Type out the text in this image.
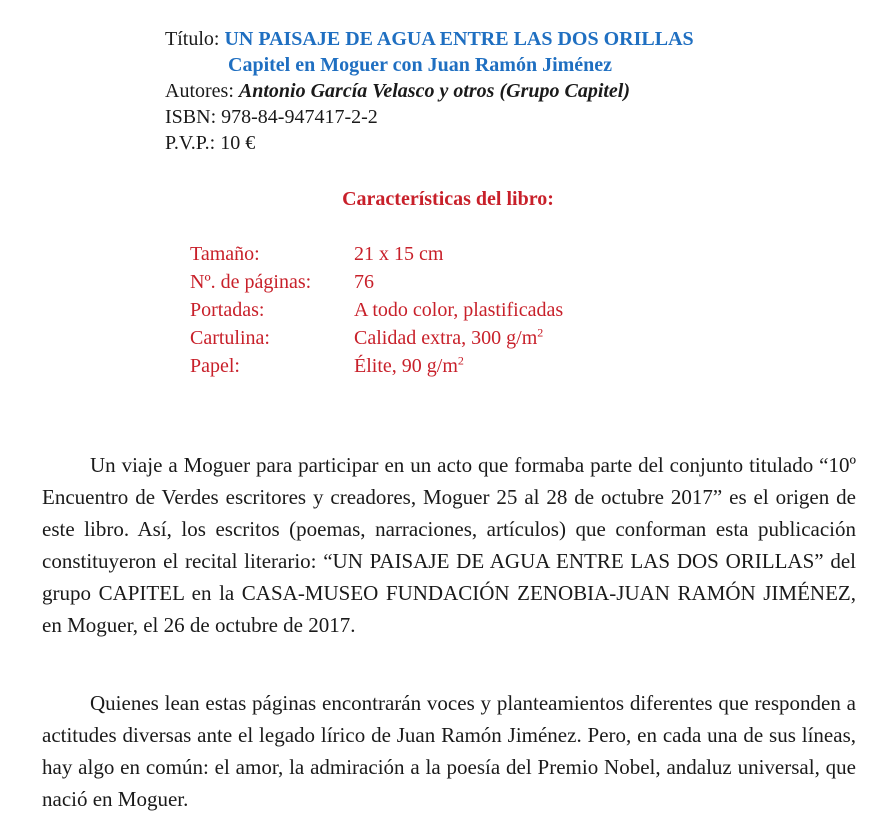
Título: UN PAISAJE DE AGUA ENTRE LAS DOS ORILLAS
Capitel en Moguer con Juan Ramón Jiménez
Autores: Antonio García Velasco y otros (Grupo Capitel)
ISBN: 978-84-947417-2-2
P.V.P.: 10 €
Características del libro:
Tamaño:	21 x 15 cm
Nº. de páginas:	76
Portadas:	A todo color, plastificadas
Cartulina:	Calidad extra, 300 $g/m^2$
Papel:	Élite, 90 $g/m^2$

Un viaje a Moguer para participar en un acto que formaba parte del conjunto titulado “10º Encuentro de Verdes escritores y creadores, Moguer 25 al 28 de octubre 2017” es el origen de este libro. Así, los escritos (poemas, narraciones, artículos) que conforman esta publicación constituyeron el recital literario: “UN PAISAJE DE AGUA ENTRE LAS DOS ORILLAS” del grupo CAPITEL en la CASA-MUSEO FUNDACIÓN ZENOBIA-JUAN RAMÓN JIMÉNEZ, en Moguer, el 26 de octubre de 2017.

Quienes lean estas páginas encontrarán voces y planteamientos diferentes que responden a actitudes diversas ante el legado lírico de Juan Ramón Jiménez. Pero, en cada una de sus líneas, hay algo en común: el amor, la admiración a la poesía del Premio Nobel, andaluz universal, que nació en Moguer.
